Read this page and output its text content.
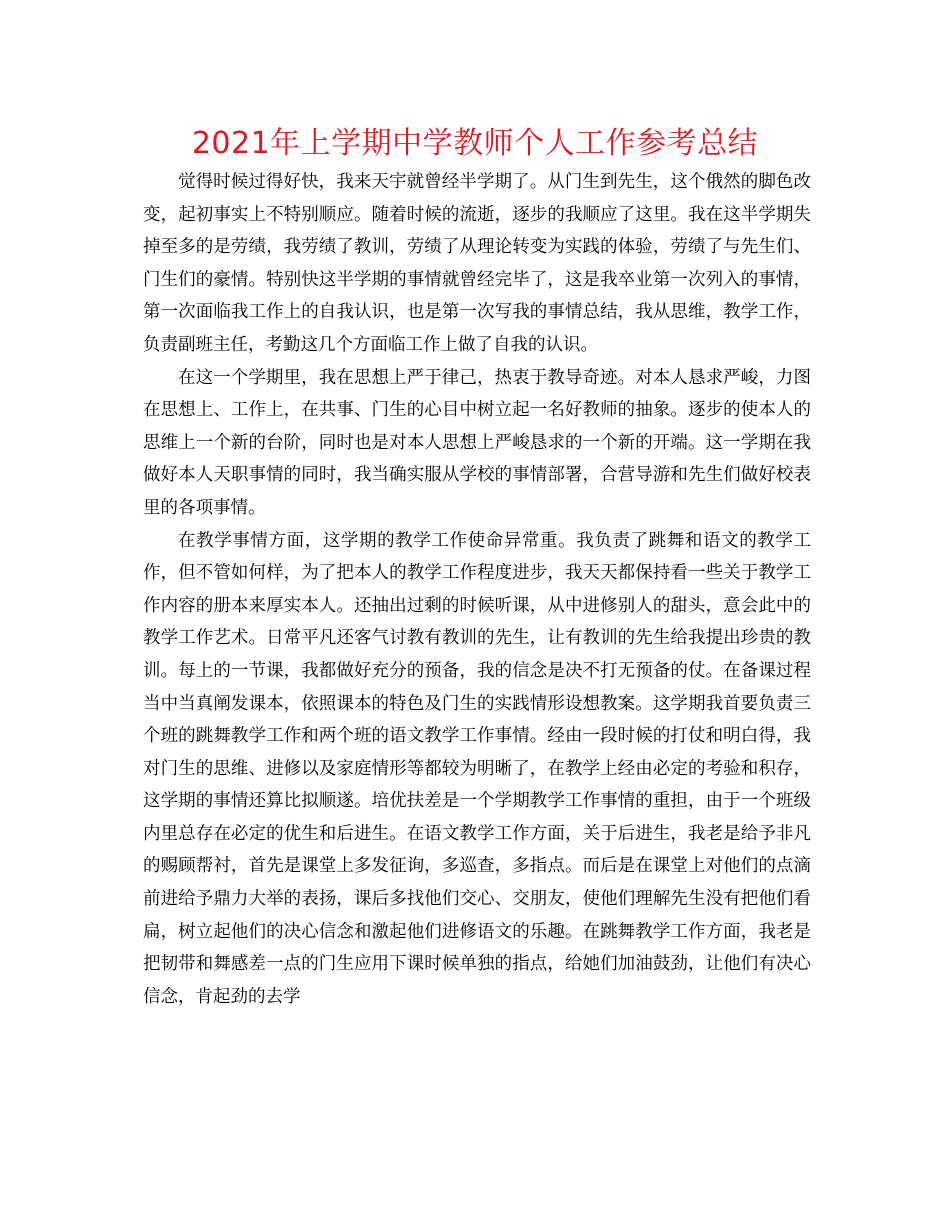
2021年上学期中学教师个人工作参考总结

觉得时候过得好快，我来天宇就曾经半学期了。从门生到先生，这个俄然的脚色改变，起初事实上不特别顺应。随着时候的流逝，逐步的我顺应了这里。我在这半学期失掉至多的是劳绩，我劳绩了教训，劳绩了从理论转变为实践的体验，劳绩了与先生们、门生们的豪情。特别快这半学期的事情就曾经完毕了，这是我卒业第一次列入的事情，第一次面临我工作上的自我认识，也是第一次写我的事情总结，我从思维，教学工作，负责副班主任，考勤这几个方面临工作上做了自我的认识。

在这一个学期里，我在思想上严于律己，热衷于教导奇迹。对本人恳求严峻，力图在思想上、工作上，在共事、门生的心目中树立起一名好教师的抽象。逐步的使本人的思维上一个新的台阶，同时也是对本人思想上严峻恳求的一个新的开端。这一学期在我做好本人天职事情的同时，我当确实服从学校的事情部署，合营导游和先生们做好校表里的各项事情。

在教学事情方面，这学期的教学工作使命异常重。我负责了跳舞和语文的教学工作，但不管如何样，为了把本人的教学工作程度进步，我天天都保持看一些关于教学工作内容的册本来厚实本人。还抽出过剩的时候听课，从中进修别人的甜头，意会此中的教学工作艺术。日常平凡还客气讨教有教训的先生，让有教训的先生给我提出珍贵的教训。每上的一节课，我都做好充分的预备，我的信念是决不打无预备的仗。在备课过程当中当真阐发课本，依照课本的特色及门生的实践情形设想教案。这学期我首要负责三个班的跳舞教学工作和两个班的语文教学工作事情。经由一段时候的打仗和明白得，我对门生的思维、进修以及家庭情形等都较为明晰了，在教学上经由必定的考验和积存，这学期的事情还算比拟顺遂。培优扶差是一个学期教学工作事情的重担，由于一个班级内里总存在必定的优生和后进生。在语文教学工作方面，关于后进生，我老是给予非凡的赐顾帮衬，首先是课堂上多发征询，多巡查，多指点。而后是在课堂上对他们的点滴前进给予鼎力大举的表扬，课后多找他们交心、交朋友，使他们理解先生没有把他们看扁，树立起他们的决心信念和激起他们进修语文的乐趣。在跳舞教学工作方面，我老是把韧带和舞感差一点的门生应用下课时候单独的指点，给她们加油鼓劲，让他们有决心信念，肯起劲的去学
